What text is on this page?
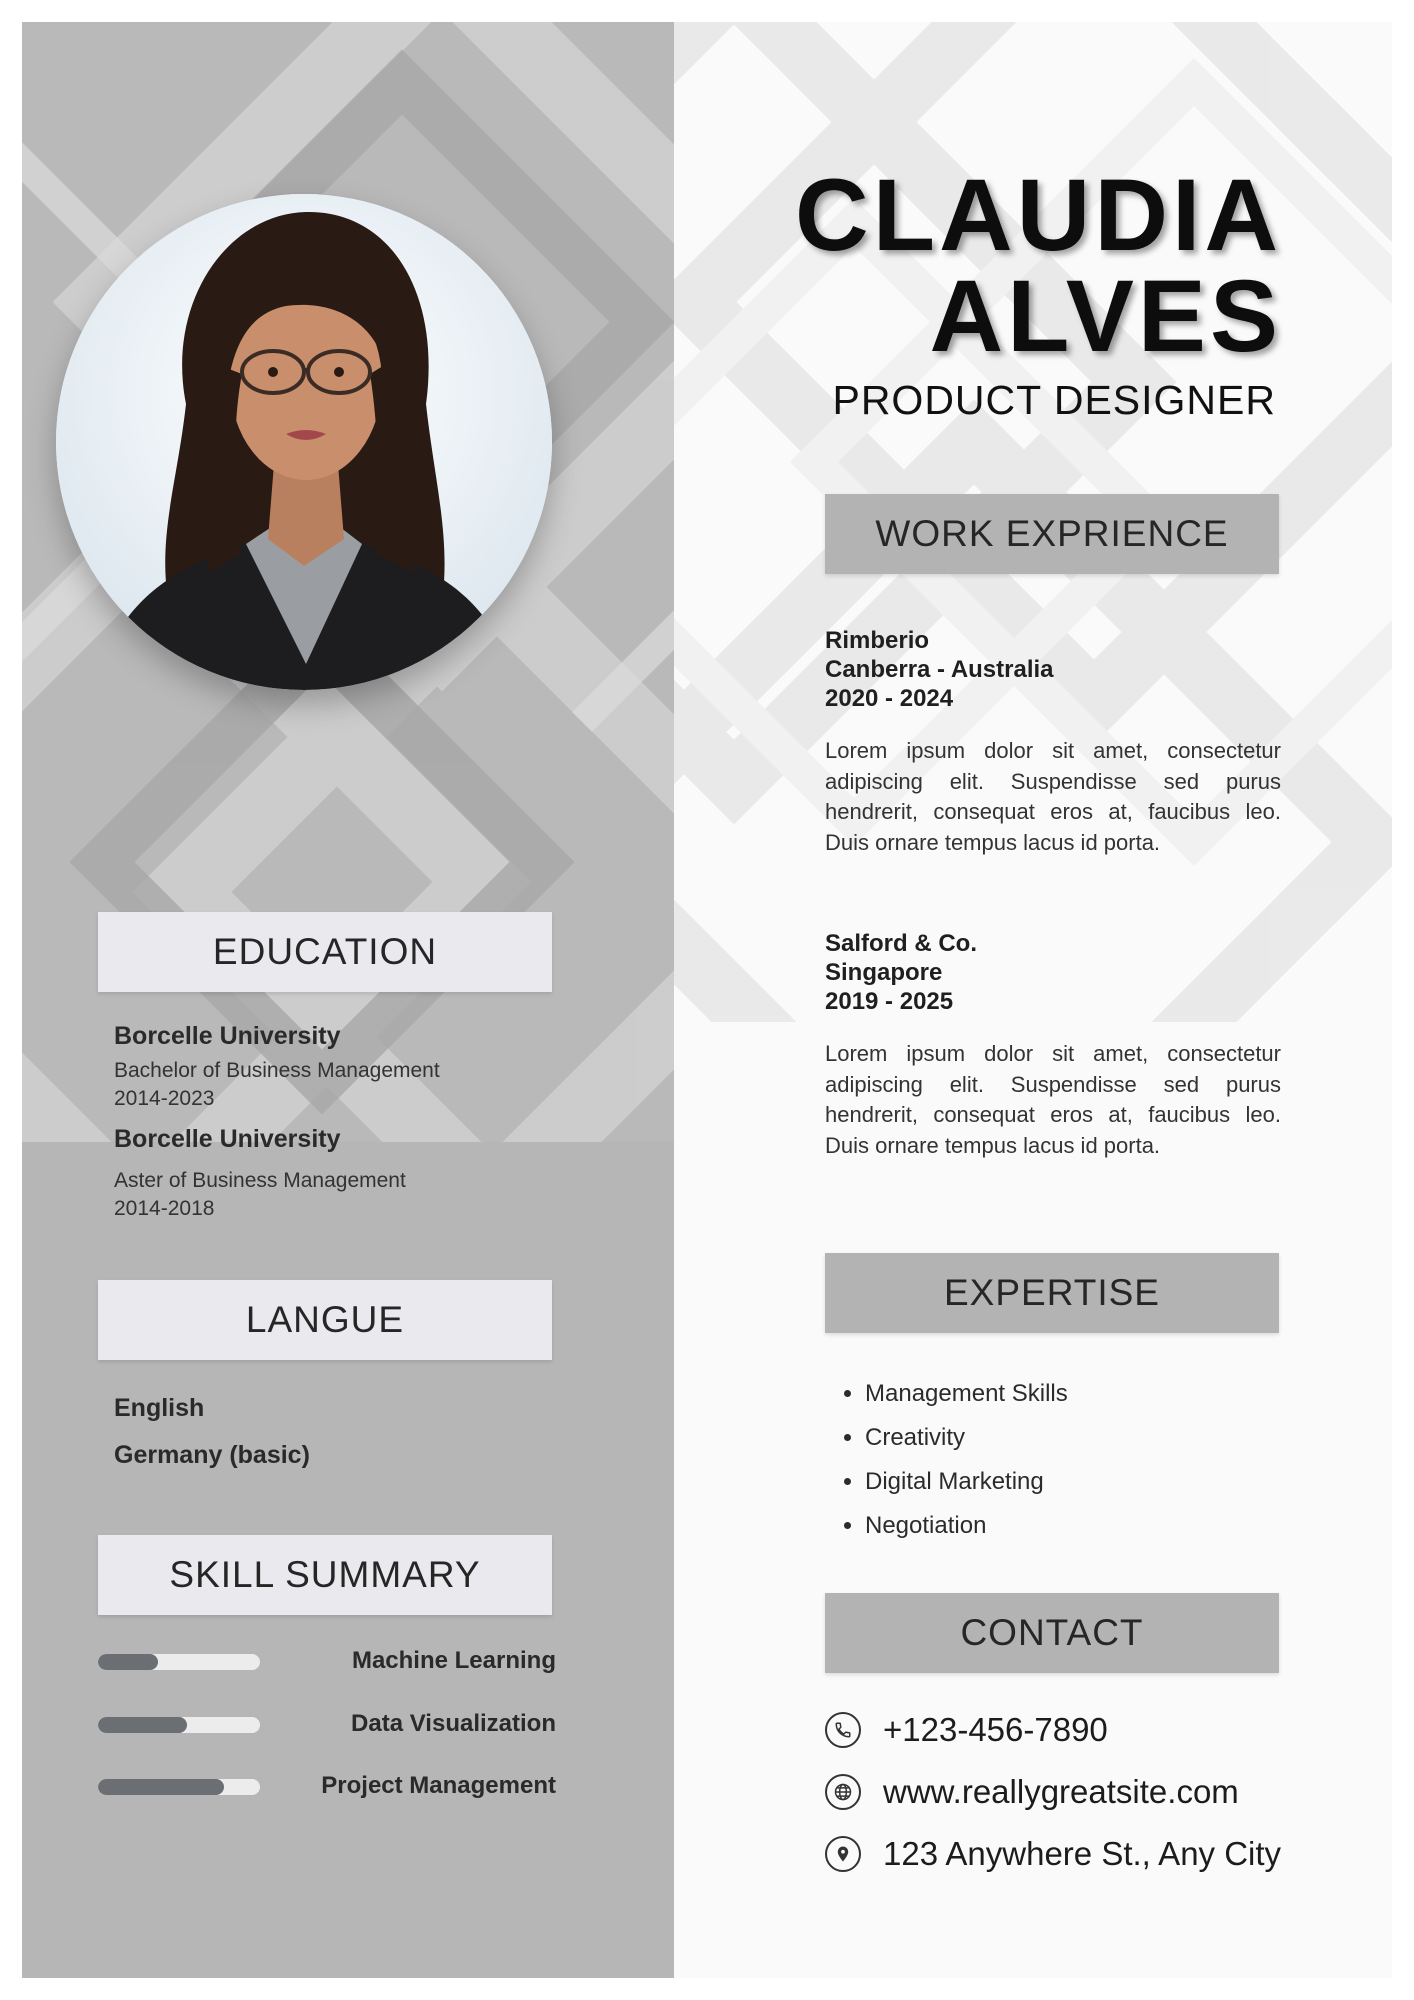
EDUCATION
Borcelle University
Bachelor of Business Management
2014-2023
Borcelle University
Aster of Business Management
2014-2018
LANGUE
English
Germany (basic)
SKILL SUMMARY
Machine Learning
Data Visualization
Project Management
CLAUDIA
ALVES
PRODUCT DESIGNER
WORK EXPRIENCE
Rimberio
Canberra - Australia
2020 - 2024
Lorem ipsum dolor sit amet, consectetur adipiscing elit. Suspendisse sed purus hendrerit, consequat eros at, faucibus leo. Duis ornare tempus lacus id porta.
Salford & Co.
Singapore
2019 - 2025
Lorem ipsum dolor sit amet, consectetur adipiscing elit. Suspendisse sed purus hendrerit, consequat eros at, faucibus leo. Duis ornare tempus lacus id porta.
EXPERTISE
• Management Skills
• Creativity
• Digital Marketing
• Negotiation
CONTACT
+123-456-7890
www.reallygreatsite.com
123 Anywhere St., Any City
